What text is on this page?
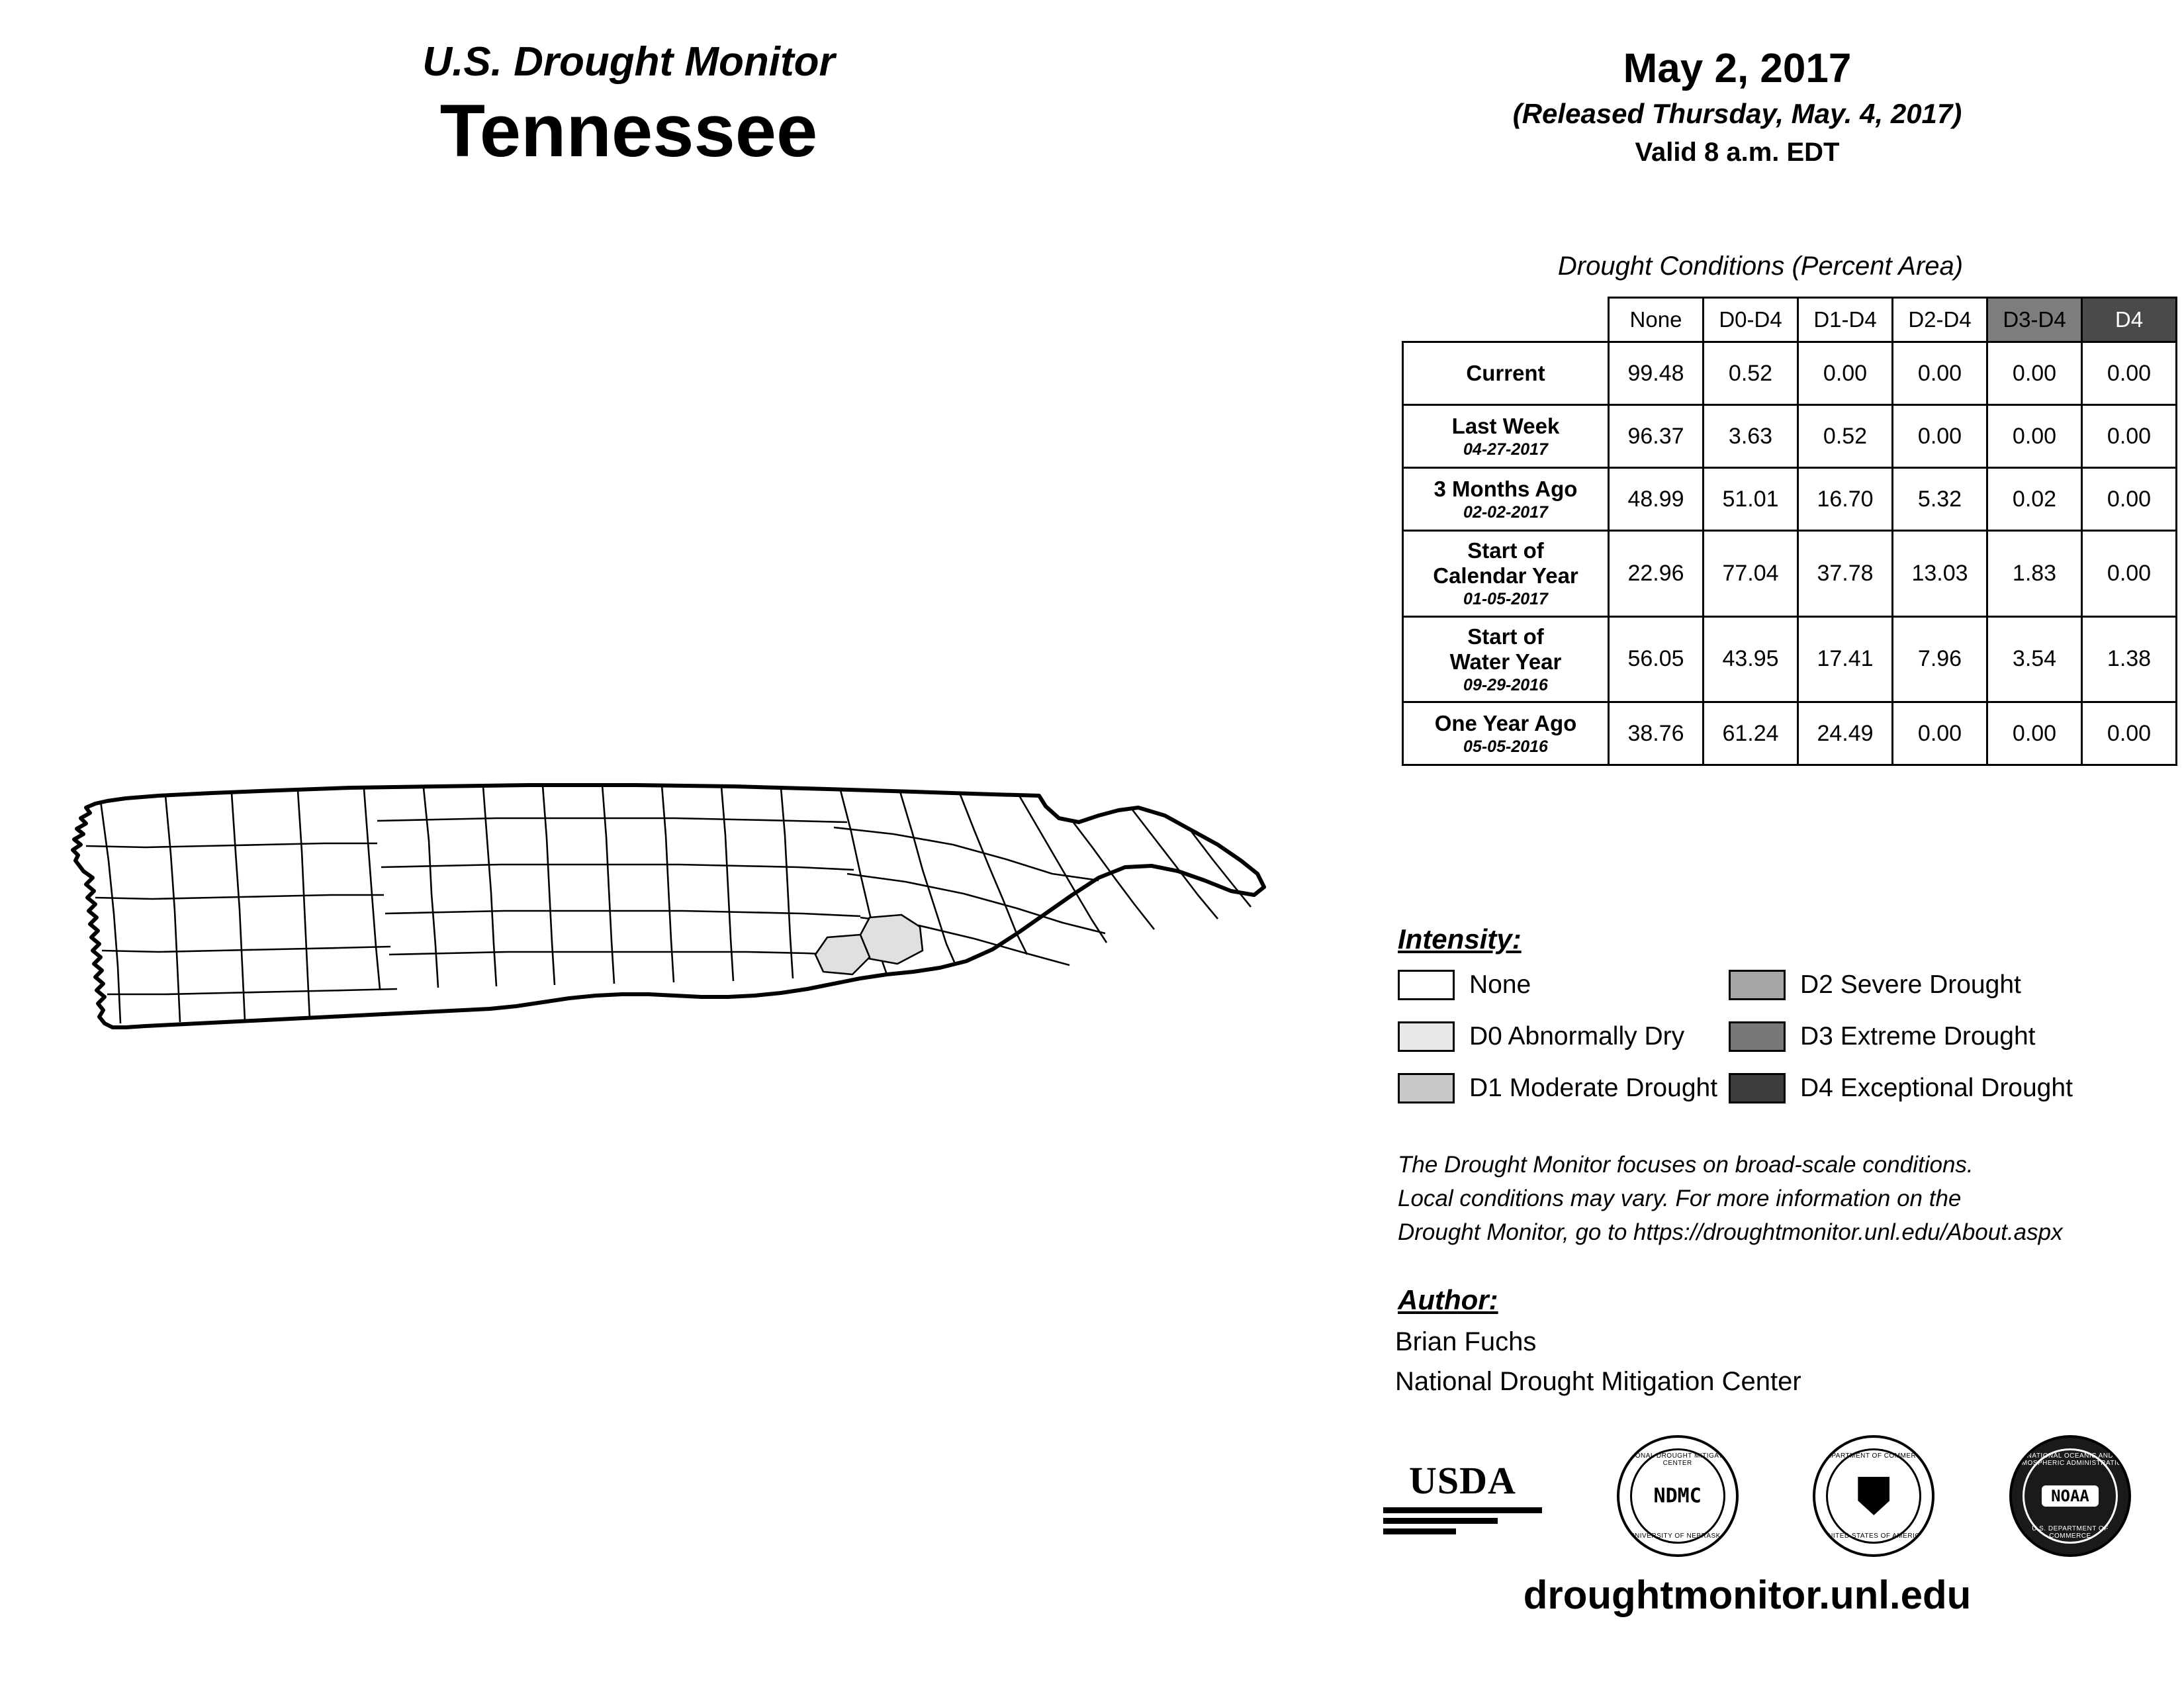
U.S. Drought Monitor
Tennessee
May 2, 2017
(Released Thursday, May. 4, 2017)
Valid 8 a.m. EDT
Drought Conditions (Percent Area)
	None	D0-D4	D1-D4	D2-D4	D3-D4	D4
Current	99.48	0.52	0.00	0.00	0.00	0.00
Last Week
04-27-2017	96.37	3.63	0.52	0.00	0.00	0.00
3 Months Ago
02-02-2017	48.99	51.01	16.70	5.32	0.02	0.00
Start of
Calendar Year
01-05-2017	22.96	77.04	37.78	13.03	1.83	0.00
Start of
Water Year
09-29-2016	56.05	43.95	17.41	7.96	3.54	1.38
One Year Ago
05-05-2016	38.76	61.24	24.49	0.00	0.00	0.00
Intensity:
None
D0 Abnormally Dry
D1 Moderate Drought
D2 Severe Drought
D3 Extreme Drought
D4 Exceptional Drought
The Drought Monitor focuses on broad-scale conditions.
Local conditions may vary. For more information on the
Drought Monitor, go to https://droughtmonitor.unl.edu/About.aspx
Author:
Brian Fuchs
National Drought Mitigation Center
USDA
NATIONAL DROUGHT MITIGATION CENTER
NDMC
UNIVERSITY OF NEBRASKA
DEPARTMENT OF COMMERCE
UNITED STATES OF AMERICA
NATIONAL OCEANIC AND ATMOSPHERIC ADMINISTRATION
NOAA
U.S. DEPARTMENT OF COMMERCE
droughtmonitor.unl.edu
